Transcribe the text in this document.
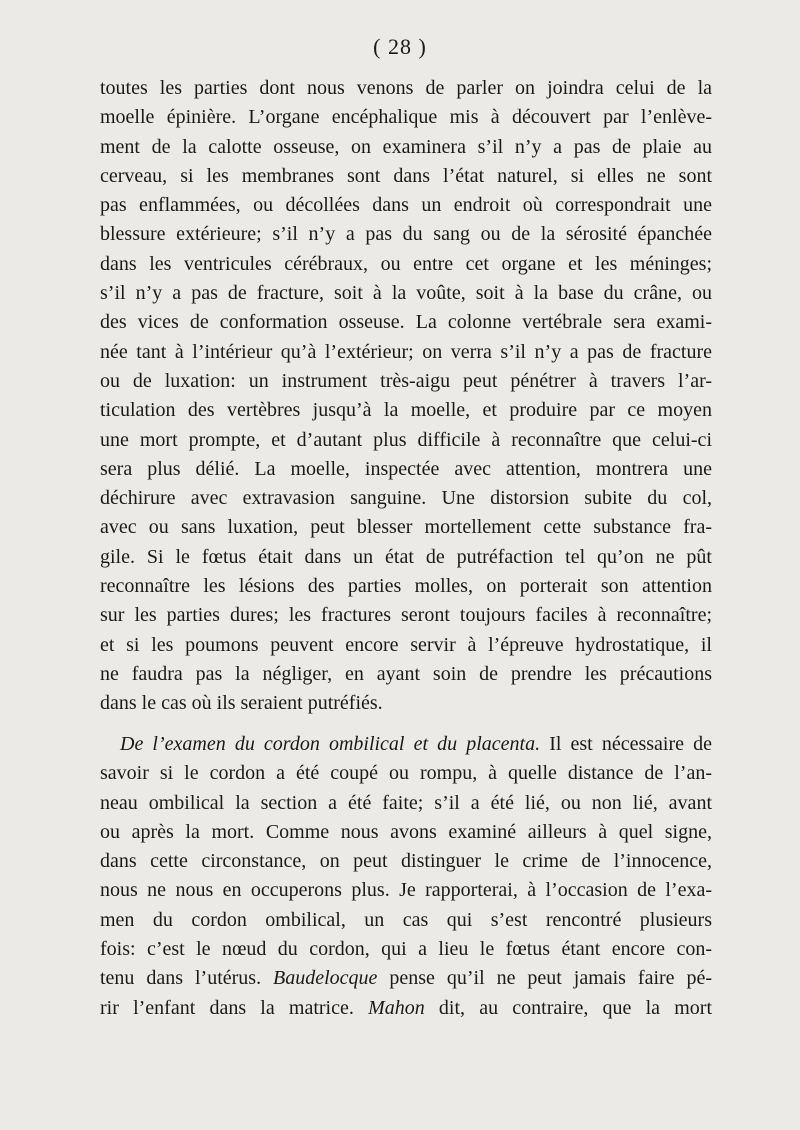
( 28 )
toutes les parties dont nous venons de parler on joindra celui de la
moelle épinière. L’organe encéphalique mis à découvert par l’enlève-
ment de la calotte osseuse, on examinera s’il n’y a pas de plaie au
cerveau, si les membranes sont dans l’état naturel, si elles ne sont
pas enflammées, ou décollées dans un endroit où correspondrait une
blessure extérieure; s’il n’y a pas du sang ou de la sérosité épanchée
dans les ventricules cérébraux, ou entre cet organe et les méninges;
s’il n’y a pas de fracture, soit à la voûte, soit à la base du crâne, ou
des vices de conformation osseuse. La colonne vertébrale sera exami-
née tant à l’intérieur qu’à l’extérieur; on verra s’il n’y a pas de fracture
ou de luxation: un instrument très-aigu peut pénétrer à travers l’ar-
ticulation des vertèbres jusqu’à la moelle, et produire par ce moyen
une mort prompte, et d’autant plus difficile à reconnaître que celui-ci
sera plus délié. La moelle, inspectée avec attention, montrera une
déchirure avec extravasion sanguine. Une distorsion subite du col,
avec ou sans luxation, peut blesser mortellement cette substance fra-
gile. Si le fœtus était dans un état de putréfaction tel qu’on ne pût
reconnaître les lésions des parties molles, on porterait son attention
sur les parties dures; les fractures seront toujours faciles à reconnaître;
et si les poumons peuvent encore servir à l’épreuve hydrostatique, il
ne faudra pas la négliger, en ayant soin de prendre les précautions
dans le cas où ils seraient putréfiés.
 De l’examen du cordon ombilical et du placenta. Il est nécessaire de
savoir si le cordon a été coupé ou rompu, à quelle distance de l’an-
neau ombilical la section a été faite; s’il a été lié, ou non lié, avant
ou après la mort. Comme nous avons examiné ailleurs à quel signe,
dans cette circonstance, on peut distinguer le crime de l’innocence,
nous ne nous en occuperons plus. Je rapporterai, à l’occasion de l’exa-
men du cordon ombilical, un cas qui s’est rencontré plusieurs
fois: c’est le nœud du cordon, qui a lieu le fœtus étant encore con-
tenu dans l’utérus. Baudelocque pense qu’il ne peut jamais faire pé-
rir l’enfant dans la matrice. Mahon dit, au contraire, que la mort
